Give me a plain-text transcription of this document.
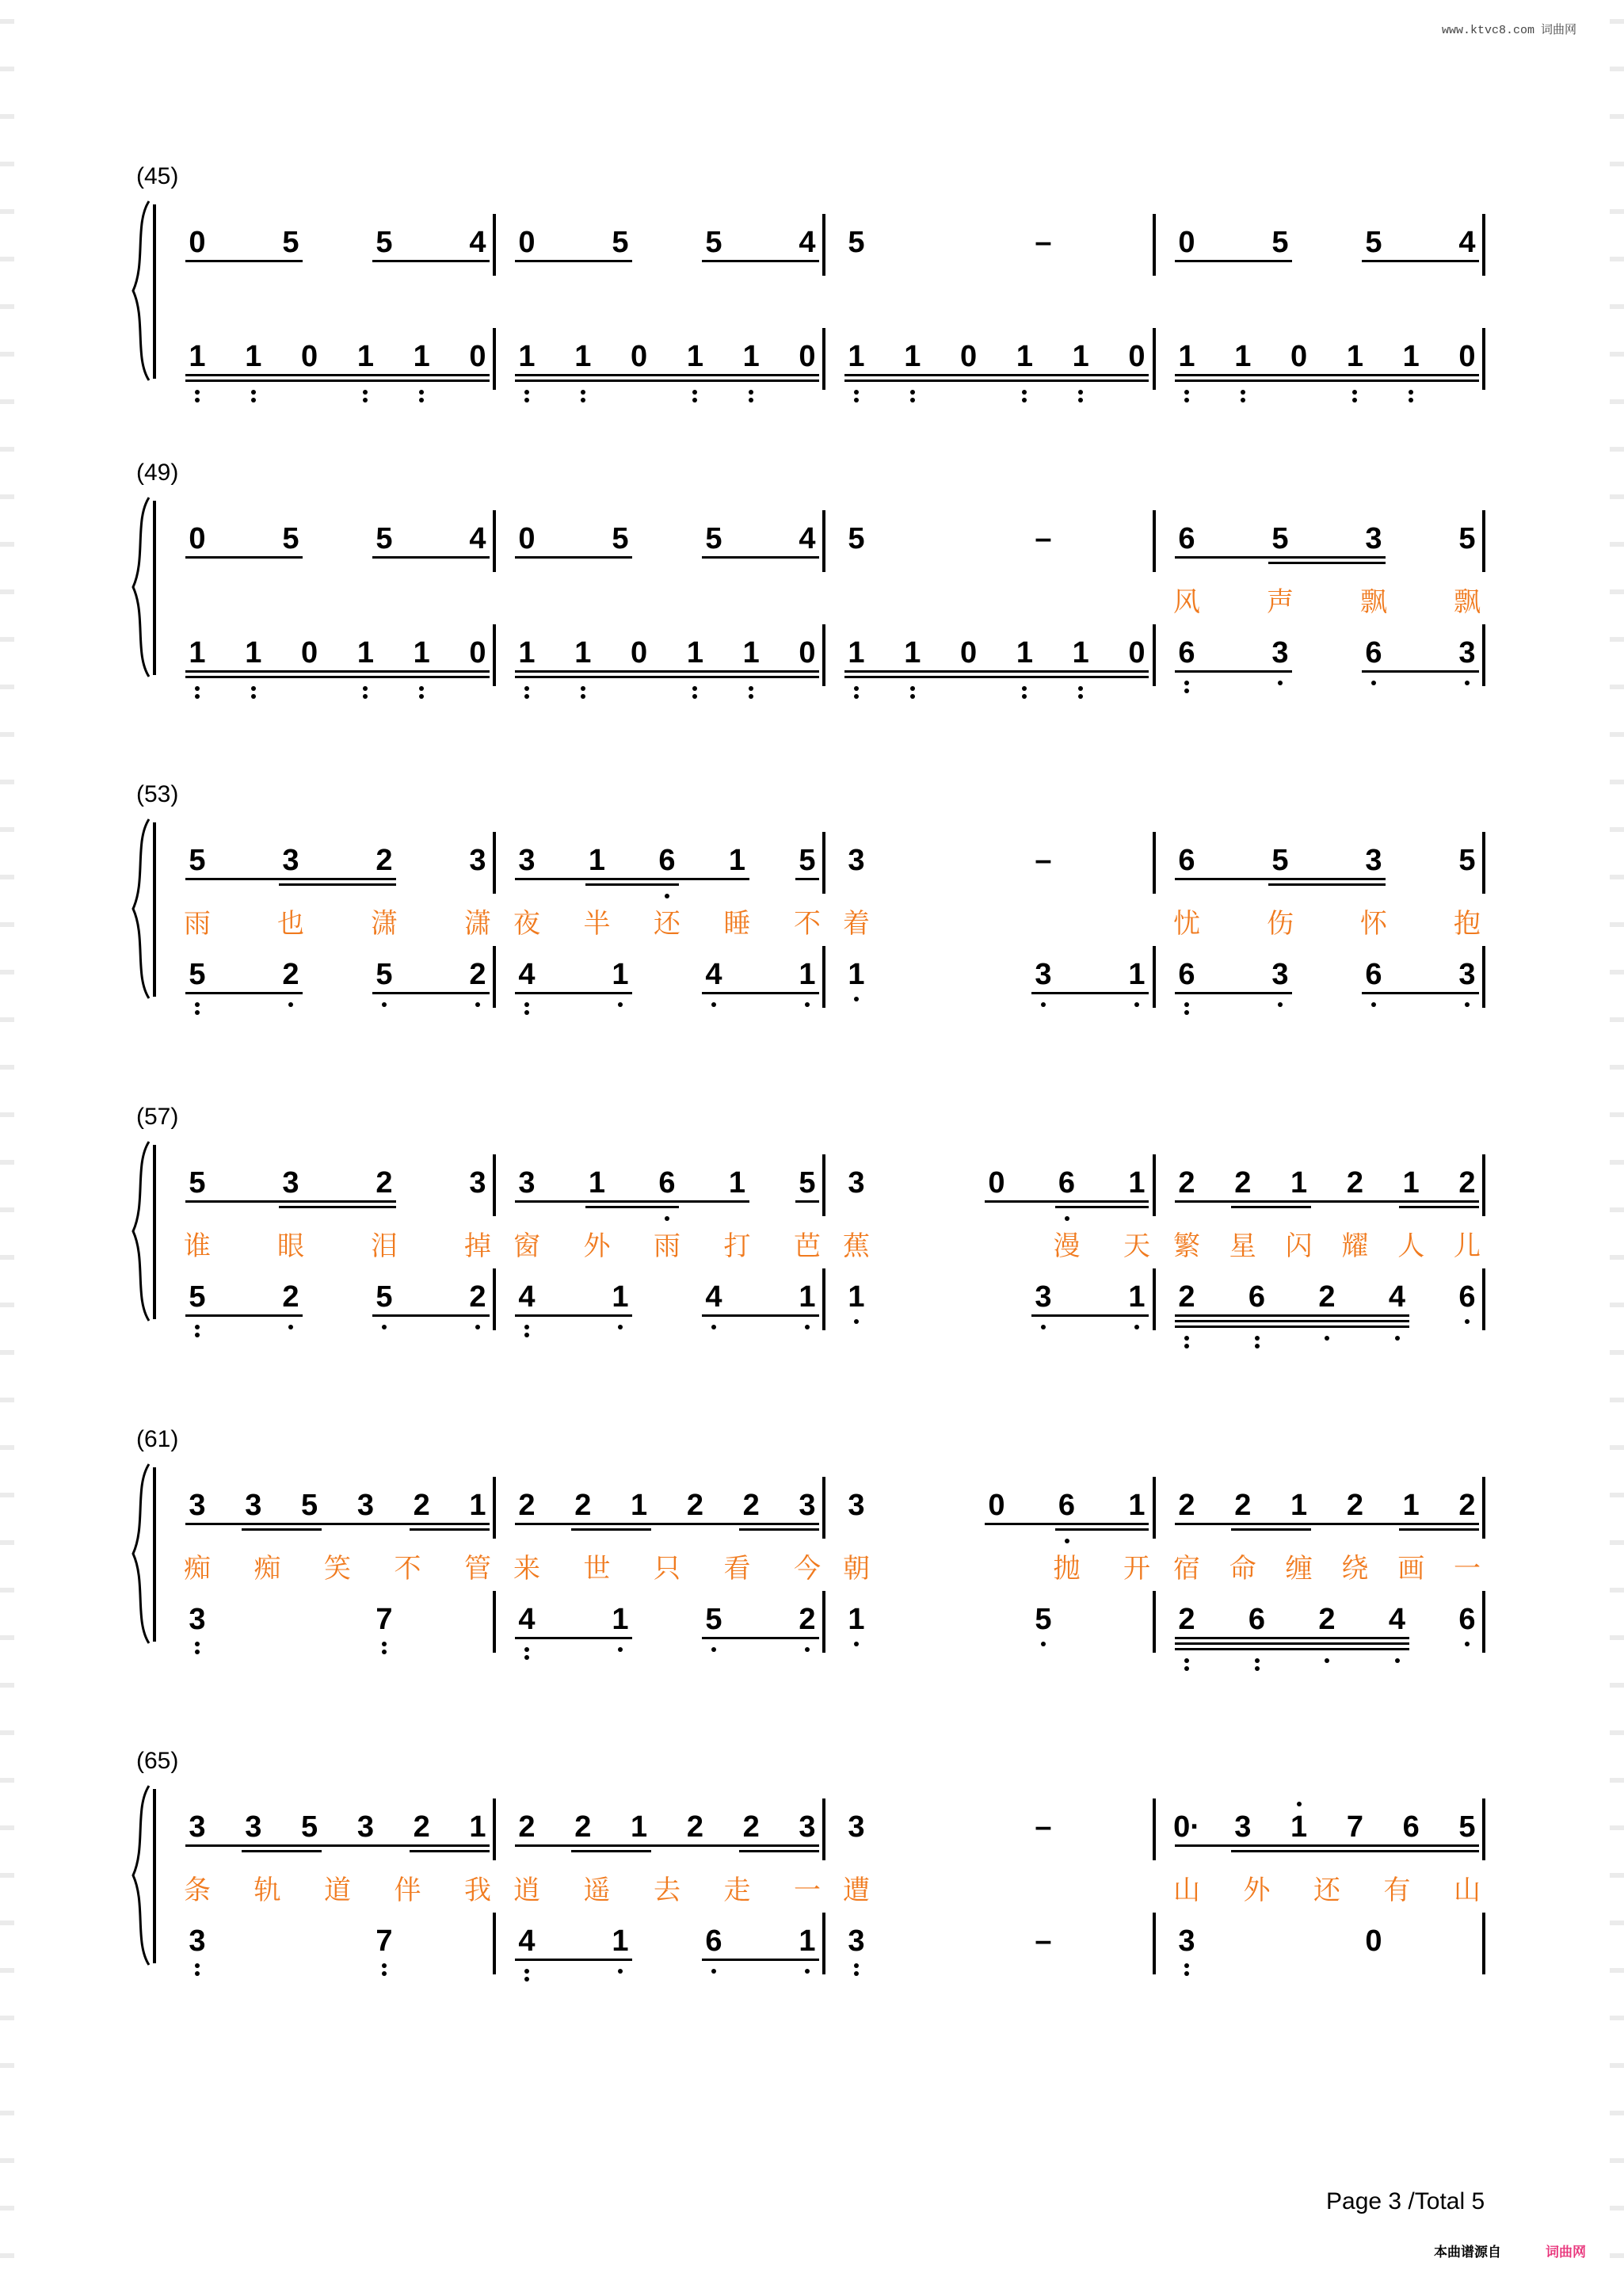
www.ktvc8.com 词曲网
(45)
0	5	5	4	0	5	5	4	5	–	0	5	5	4
1	1	0	1	1	0	1	1	0	1	1	0	1	1	0	1	1	0	1	1	0	1	1	0
(49)
0	5	5	4	0	5	5	4	5	–	6	5	3	5
风 声 飘 飘
1	1	0	1	1	0	1	1	0	1	1	0	1	1	0	1	1	0	6	3	6	3
(53)
5	3	2	3
雨 也 潇 潇
3	1	6	1	5
夜 半 还 睡 不
3	–
着
6	5	3	5
忧 伤 怀 抱
5	2	5	2	4	1	4	1	1	3	1	6	3	6	3
(57)
5	3	2	3
谁 眼 泪 掉
3	1	6	1	5
窗 外 雨 打 芭
3	0	6	1
蕉	漫 天
2	2	1	2	1	2
繁 星 闪 耀 人 儿
5	2	5	2	4	1	4	1	1	3	1	2	6	2	4	6
(61)
3	3	5	3	2	1
痴 痴 笑 不 管
2	2	1	2	2	3
来 世 只 看 今
3	0	6	1
朝	抛 开
2	2	1	2	1	2
宿 命 缠 绕 画 一
3	7	4	1	5	2	1	5	2	6	2	4	6
(65)
3	3	5	3	2	1
条 轨 道 伴 我
2	2	1	2	2	3
逍 遥 去 走 一
3	–
遭
0·	3	1	7	6	5
山 外 还 有 山
3	7	4	1	6	1	3	–	3	0
Page 3 /Total 5
本曲谱源自	词曲网
